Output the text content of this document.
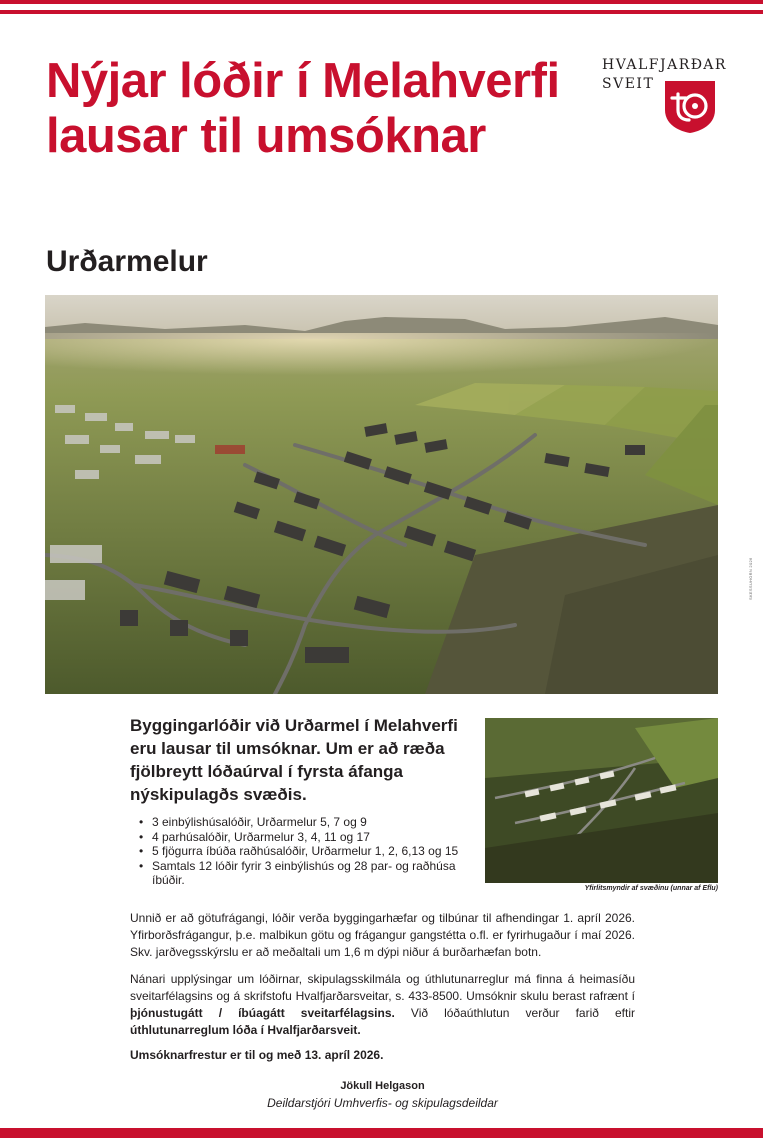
Nýjar lóðir í Melahverfi lausar til umsóknar
Urðarmelur
HVALFJARÐAR
SVEIT
SKESSUHORN 2026

Byggingarlóðir við Urðarmel í Melahverfi eru lausar til umsóknar. Um er að ræða fjölbreytt lóðaúrval í fyrsta áfanga nýskipulagðs svæðis.

Yfirlitsmyndir af svæðinu (unnar af Eflu)
• 3 einbýlishúsalóðir, Urðarmelur 5, 7 og 9
• 4 parhúsalóðir, Urðarmelur 3, 4, 11 og 17
• 5 fjögurra íbúða raðhúsalóðir, Urðarmelur 1, 2, 6,13 og 15
• Samtals 12 lóðir fyrir 3 einbýlishús og 28 par- og raðhúsa íbúðir.

Unnið er að götufrágangi, lóðir verða byggingarhæfar og tilbúnar til afhendingar 1. apríl 2026. Yfirborðsfrágangur, þ.e. malbikun götu og frágangur gangstétta o.fl. er fyrirhugaður í maí 2026. Skv. jarðvegsskýrslu er að meðaltali um 1,6 m dýpi niður á burðarhæfan botn.

Nánari upplýsingar um lóðirnar, skipulagsskilmála og úthlutunarreglur má finna á heimasíðu sveitarfélagsins og á skrifstofu Hvalfjarðarsveitar, s. 433-8500. Umsóknir skulu berast rafrænt í þjónustugátt / íbúagátt sveitarfélagsins. Við lóðaúthlutun verður farið eftir úthlutunarreglum lóða í Hvalfjarðarsveit.

Umsóknarfrestur er til og með 13. apríl 2026.

Jökull Helgason

Deildarstjóri Umhverfis- og skipulagsdeildar
